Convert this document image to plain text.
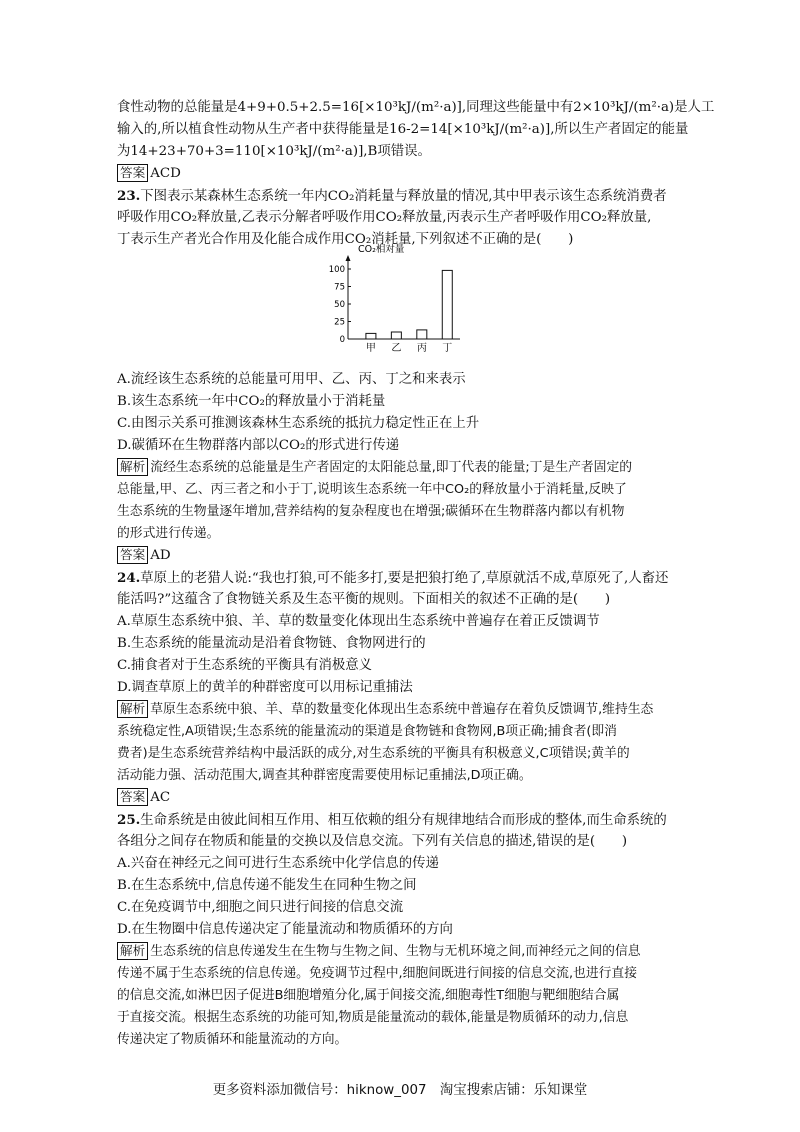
食性动物的总能量是4+9+0.5+2.5=16[×10³kJ/(m²·a)],同理这些能量中有2×10³kJ/(m²·a)是人工
输入的,所以植食性动物从生产者中获得能量是16-2=14[×10³kJ/(m²·a)],所以生产者固定的能量
为14+23+70+3=110[×10³kJ/(m²·a)],B项错误。
答案 ACD
23.下图表示某森林生态系统一年内CO₂消耗量与释放量的情况,其中甲表示该生态系统消费者
呼吸作用CO₂释放量,乙表示分解者呼吸作用CO₂释放量,丙表示生产者呼吸作用CO₂释放量,
丁表示生产者光合作用及化能合成作用CO₂消耗量,下列叙述不正确的是(　　)
CO₂相对量
0
25
50
75
100
甲 乙 丙 丁
A.流经该生态系统的总能量可用甲、乙、丙、丁之和来表示
B.该生态系统一年中CO₂的释放量小于消耗量
C.由图示关系可推测该森林生态系统的抵抗力稳定性正在上升
D.碳循环在生物群落内部以CO₂的形式进行传递
解析 流经生态系统的总能量是生产者固定的太阳能总量,即丁代表的能量;丁是生产者固定的
总能量,甲、乙、丙三者之和小于丁,说明该生态系统一年中CO₂的释放量小于消耗量,反映了
生态系统的生物量逐年增加,营养结构的复杂程度也在增强;碳循环在生物群落内都以有机物
的形式进行传递。
答案 AD
24.草原上的老猎人说:“我也打狼,可不能多打,要是把狼打绝了,草原就活不成,草原死了,人畜还
能活吗?”这蕴含了食物链关系及生态平衡的规则。下面相关的叙述不正确的是(　　)
A.草原生态系统中狼、羊、草的数量变化体现出生态系统中普遍存在着正反馈调节
B.生态系统的能量流动是沿着食物链、食物网进行的
C.捕食者对于生态系统的平衡具有消极意义
D.调查草原上的黄羊的种群密度可以用标记重捕法
解析 草原生态系统中狼、羊、草的数量变化体现出生态系统中普遍存在着负反馈调节,维持生态
系统稳定性,A项错误;生态系统的能量流动的渠道是食物链和食物网,B项正确;捕食者(即消
费者)是生态系统营养结构中最活跃的成分,对生态系统的平衡具有积极意义,C项错误;黄羊的
活动能力强、活动范围大,调查其种群密度需要使用标记重捕法,D项正确。
答案 AC
25.生命系统是由彼此间相互作用、相互依赖的组分有规律地结合而形成的整体,而生命系统的
各组分之间存在物质和能量的交换以及信息交流。下列有关信息的描述,错误的是(　　)
A.兴奋在神经元之间可进行生态系统中化学信息的传递
B.在生态系统中,信息传递不能发生在同种生物之间
C.在免疫调节中,细胞之间只进行间接的信息交流
D.在生物圈中信息传递决定了能量流动和物质循环的方向
解析 生态系统的信息传递发生在生物与生物之间、生物与无机环境之间,而神经元之间的信息
传递不属于生态系统的信息传递。免疫调节过程中,细胞间既进行间接的信息交流,也进行直接
的信息交流,如淋巴因子促进B细胞增殖分化,属于间接交流,细胞毒性T细胞与靶细胞结合属
于直接交流。根据生态系统的功能可知,物质是能量流动的载体,能量是物质循环的动力,信息
传递决定了物质循环和能量流动的方向。
更多资料添加微信号：hiknow_007　淘宝搜索店铺：乐知课堂
